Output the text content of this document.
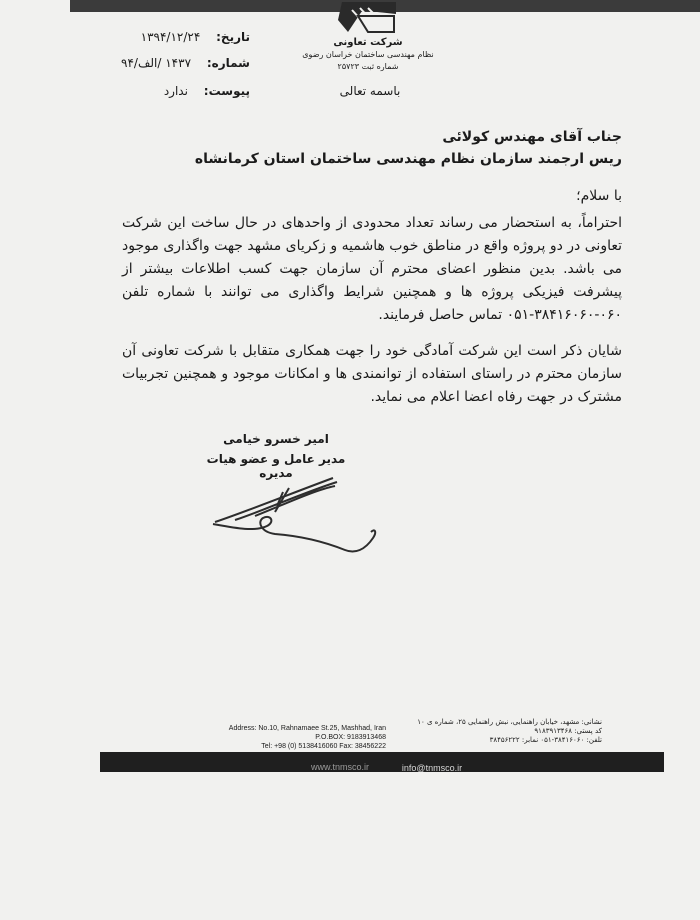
شرکت تعاونی
نظام مهندسی ساختمان خراسان رضوی
شماره ثبت ۲۵۷۲۳
تاریخ: ۱۳۹۴/۱۲/۲۴
شماره: ۱۴۳۷ /الف/۹۴
پیوست: ندارد	باسمه تعالی
جناب آقای مهندس کولائی
ریس ارجمند سازمان نظام مهندسی ساختمان استان کرمانشاه
با سلام؛
احتراماً، به استحضار می رساند تعداد محدودی از واحدهای در حال ساخت این شرکت تعاونی در دو پروژه واقع در مناطق خوب هاشمیه و زکریای مشهد جهت واگذاری موجود می باشد. بدین منظور اعضای محترم آن سازمان جهت کسب اطلاعات بیشتر از پیشرفت فیزیکی پروژه ها و همچنین شرایط واگذاری می توانند با شماره تلفن ۰۶۰-۳۸۴۱۶۰۶۰-۰۵۱ تماس حاصل فرمایند.
شایان ذکر است این شرکت آمادگی خود را جهت همکاری متقابل با شرکت تعاونی آن سازمان محترم در راستای استفاده از توانمندی ها و امکانات موجود و همچنین تجربیات مشترک در جهت رفاه اعضا اعلام می نماید.
امیر خسرو خیامی
مدیر عامل و عضو هیات مدیره
Address: No.10, Rahnamaee St.25, Mashhad, Iran
P.O.BOX: 9183913468
Tel: +98 (0) 5138416060 Fax: 38456222
نشانی: مشهد، خیابان راهنمایی، نبش راهنمایی ۲۵، شماره ی ۱۰
کد پستی: ۹۱۸۳۹۱۳۴۶۸
تلفن: ۳۸۴۱۶۰۶۰-۰۵۱ نمابر: ۳۸۴۵۶۲۲۲
www.tnmsco.ir	info@tnmsco.ir
